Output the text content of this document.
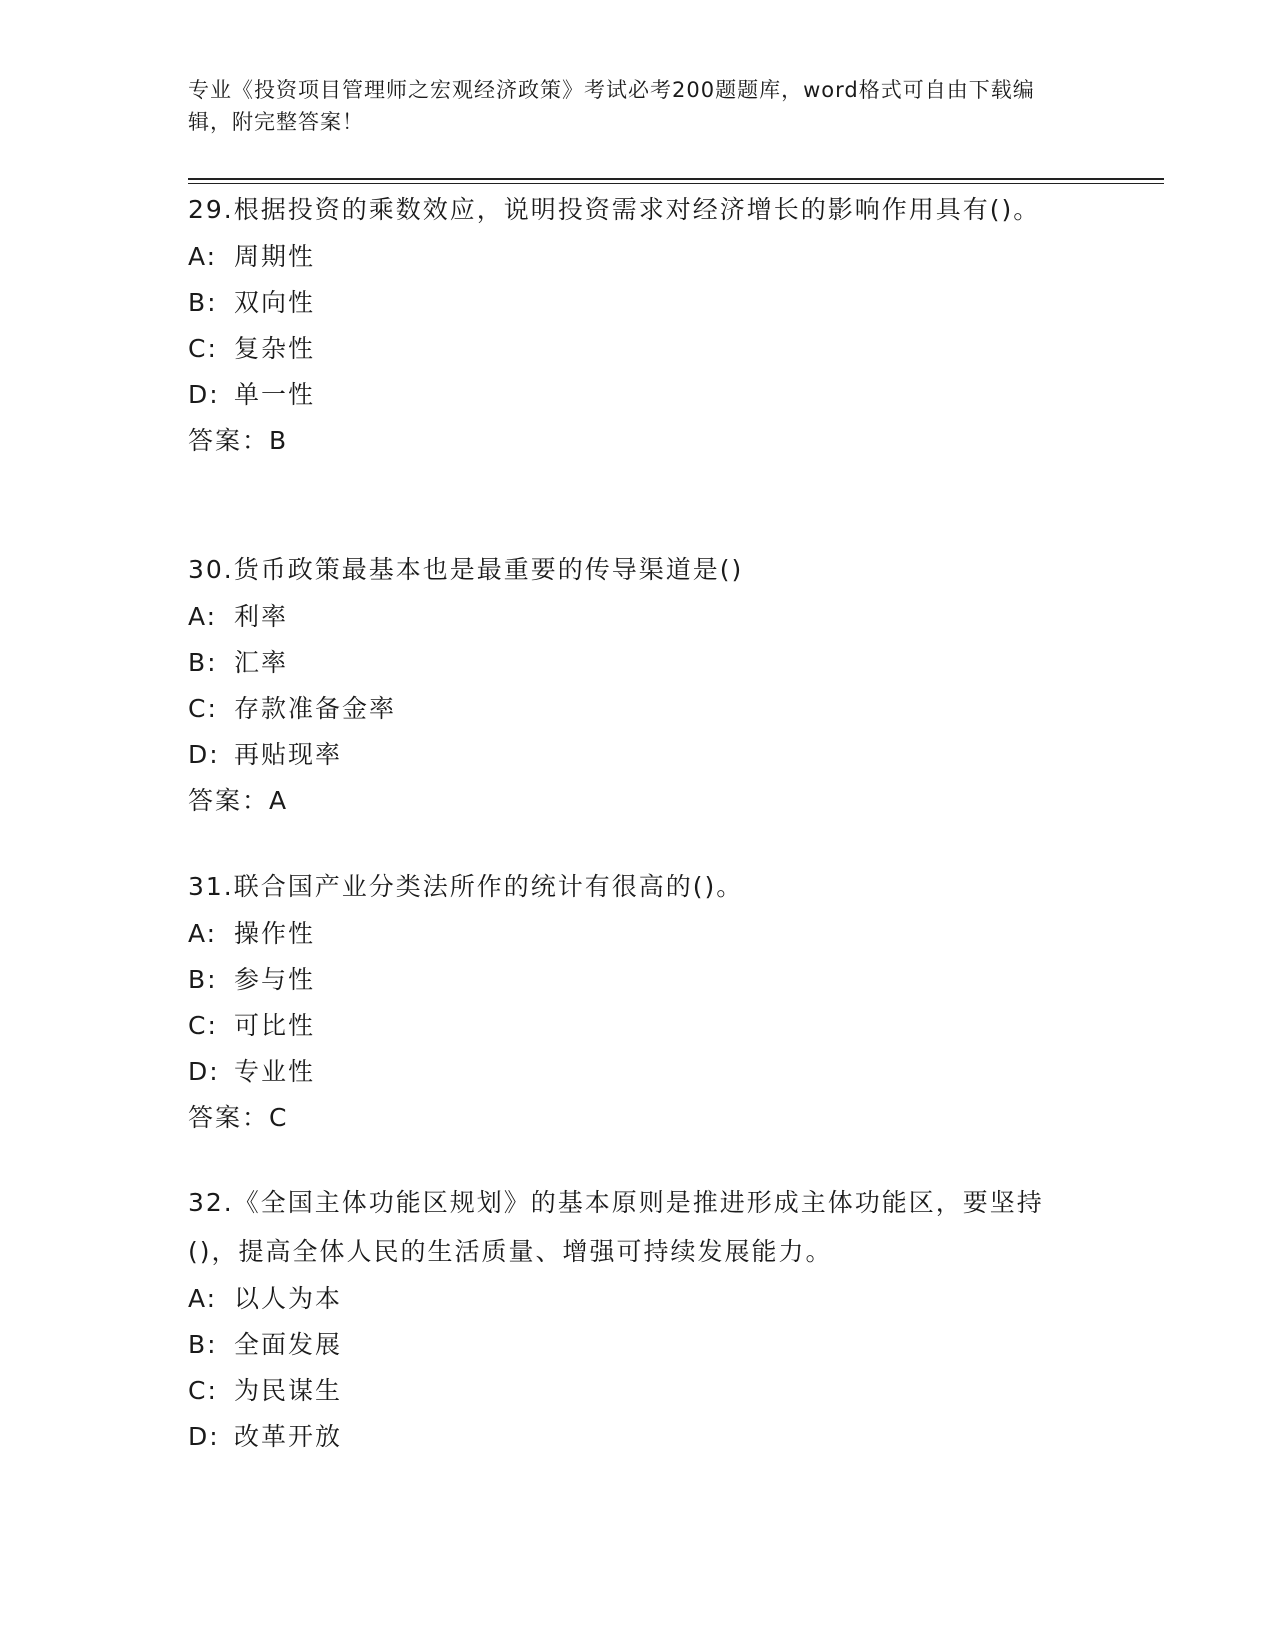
专业《投资项目管理师之宏观经济政策》考试必考200题题库，word格式可自由下载编辑，附完整答案！

29.根据投资的乘数效应，说明投资需求对经济增长的影响作用具有()。

A: 周期性

B: 双向性

C: 复杂性

D: 单一性

答案：B

30.货币政策最基本也是最重要的传导渠道是()

A: 利率

B: 汇率

C: 存款准备金率

D: 再贴现率

答案：A

31.联合国产业分类法所作的统计有很高的()。

A: 操作性

B: 参与性

C: 可比性

D: 专业性

答案：C

32.《全国主体功能区规划》的基本原则是推进形成主体功能区，要坚持()，提高全体人民的生活质量、增强可持续发展能力。

A: 以人为本

B: 全面发展

C: 为民谋生

D: 改革开放
